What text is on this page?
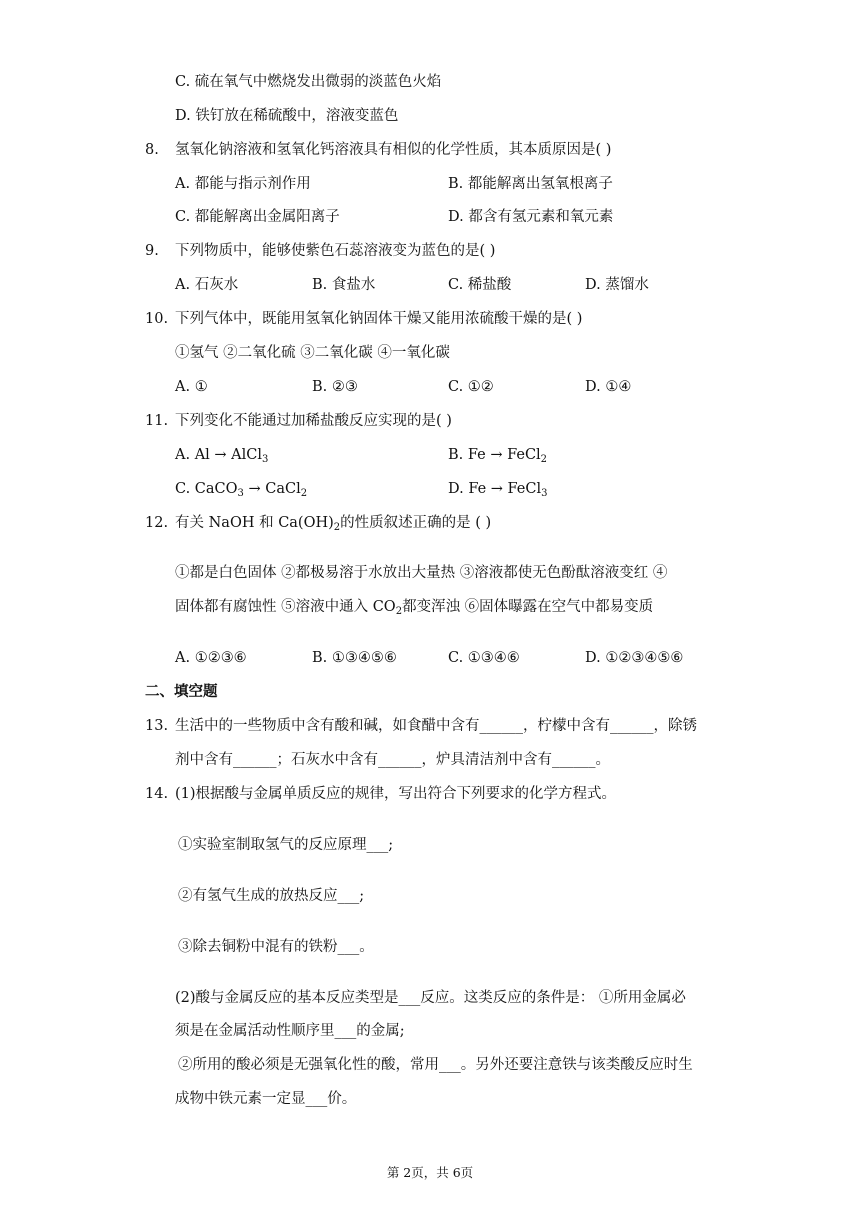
C. 硫在氧气中燃烧发出微弱的淡蓝色火焰
D. 铁钉放在稀硫酸中，溶液变蓝色
8. 氢氧化钠溶液和氢氧化钙溶液具有相似的化学性质，其本质原因是( )
A. 都能与指示剂作用	B. 都能解离出氢氧根离子
C. 都能解离出金属阳离子	D. 都含有氢元素和氧元素
9. 下列物质中，能够使紫色石蕊溶液变为蓝色的是( )
A. 石灰水	B. 食盐水	C. 稀盐酸	D. 蒸馏水
10. 下列气体中，既能用氢氧化钠固体干燥又能用浓硫酸干燥的是( )
①氢气 ②二氧化硫 ③二氧化碳 ④一氧化碳
A. ①	B. ②③	C. ①②	D. ①④
11. 下列变化不能通过加稀盐酸反应实现的是( )
A. Al → AlCl$_3$	B. Fe → FeCl$_2$
C. CaCO$_3$ → CaCl$_2$	D. Fe → FeCl$_3$
12. 有关 NaOH 和 $Ca(OH)_2$的性质叙述正确的是 ( )
①都是白色固体 ②都极易溶于水放出大量热 ③溶液都使无色酚酞溶液变红 ④
固体都有腐蚀性 ⑤溶液中通入 $CO_2$都变浑浊 ⑥固体曝露在空气中都易变质
A. ①②③⑥	B. ①③④⑤⑥	C. ①③④⑥	D. ①②③④⑤⑥
二、填空题
13. 生活中的一些物质中含有酸和碱，如食醋中含有______，柠檬中含有______，除锈
剂中含有______；石灰水中含有______，炉具清洁剂中含有______。
14. (1)根据酸与金属单质反应的规律，写出符合下列要求的化学方程式。
①实验室制取氢气的反应原理___;
②有氢气生成的放热反应___;
③除去铜粉中混有的铁粉___。
(2)酸与金属反应的基本反应类型是___反应。这类反应的条件是： ①所用金属必
须是在金属活动性顺序里___的金属;
②所用的酸必须是无强氧化性的酸，常用___。另外还要注意铁与该类酸反应时生
成物中铁元素一定显___价。
第 2页，共 6页
